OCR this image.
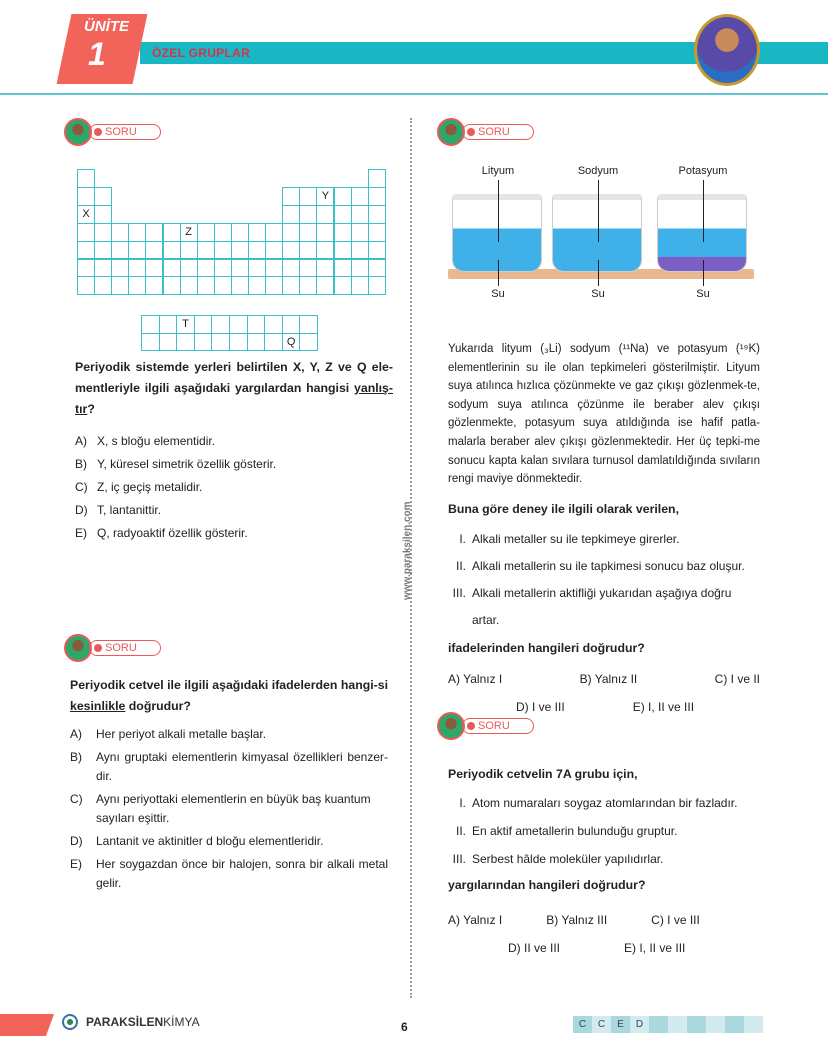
ÖZEL GRUPLAR
ÜNİTE
1
www.paraksilen.com
SORU
Y
X
Z
T
Q
Periyodik sistemde yerleri belirtilen X, Y, Z ve Q ele-mentleriyle ilgili aşağıdaki yargılardan hangisi yanlış-tır?
A) X, s bloğu elementidir.
B) Y, küresel simetrik özellik gösterir.
C) Z, iç geçiş metalidir.
D) T, lantanittir.
E) Q, radyoaktif özellik gösterir.
SORU
Periyodik cetvel ile ilgili aşağıdaki ifadelerden hangi-si kesinlikle doğrudur?
A)	Her periyot alkali metalle başlar.
B)	Aynı gruptaki elementlerin kimyasal özellikleri benzer-dir.
C)	Aynı periyottaki elementlerin en büyük baş kuantum sayıları eşittir.
D)	Lantanit ve aktinitler d bloğu elementleridir.
E)	Her soygazdan önce bir halojen, sonra bir alkali metal gelir.
SORU
Lityum	Sodyum	Potasyum
Su	Su	Su
Yukarıda lityum (₃Li) sodyum (¹¹Na) ve potasyum (¹⁹K) elementlerinin su ile olan tepkimeleri gösterilmiştir. Lityum suya atılınca hızlıca çözünmekte ve gaz çıkışı gözlenmek-te, sodyum suya atılınca çözünme ile beraber alev çıkışı gözlenmekte, potasyum suya atıldığında ise hafif patla-malarla beraber alev çıkışı gözlenmektedir. Her üç tepki-me sonucu kapta kalan sıvılara turnusol damlatıldığında sıvıların rengi maviye dönmektedir.
Buna göre deney ile ilgili olarak verilen,
I. Alkali metaller su ile tepkimeye girerler.
II. Alkali metallerin su ile tapkimesi sonucu baz oluşur.
III. Alkali metallerin aktifliği yukarıdan aşağıya doğru artar.
ifadelerinden hangileri doğrudur?
A) Yalnız I	B) Yalnız II	C) I ve II
D) I ve III	E) I, II ve III
SORU
Periyodik cetvelin 7A grubu için,
I. Atom numaraları soygaz atomlarından bir fazladır.
II. En aktif ametallerin bulunduğu gruptur.
III. Serbest hâlde moleküler yapılıdırlar.
yargılarından hangileri doğrudur?
A) Yalnız I	B) Yalnız III	C) I ve III
D) II ve III	E) I, II ve III
PARAKSİLENKİMYA	6	C	C	E	D
